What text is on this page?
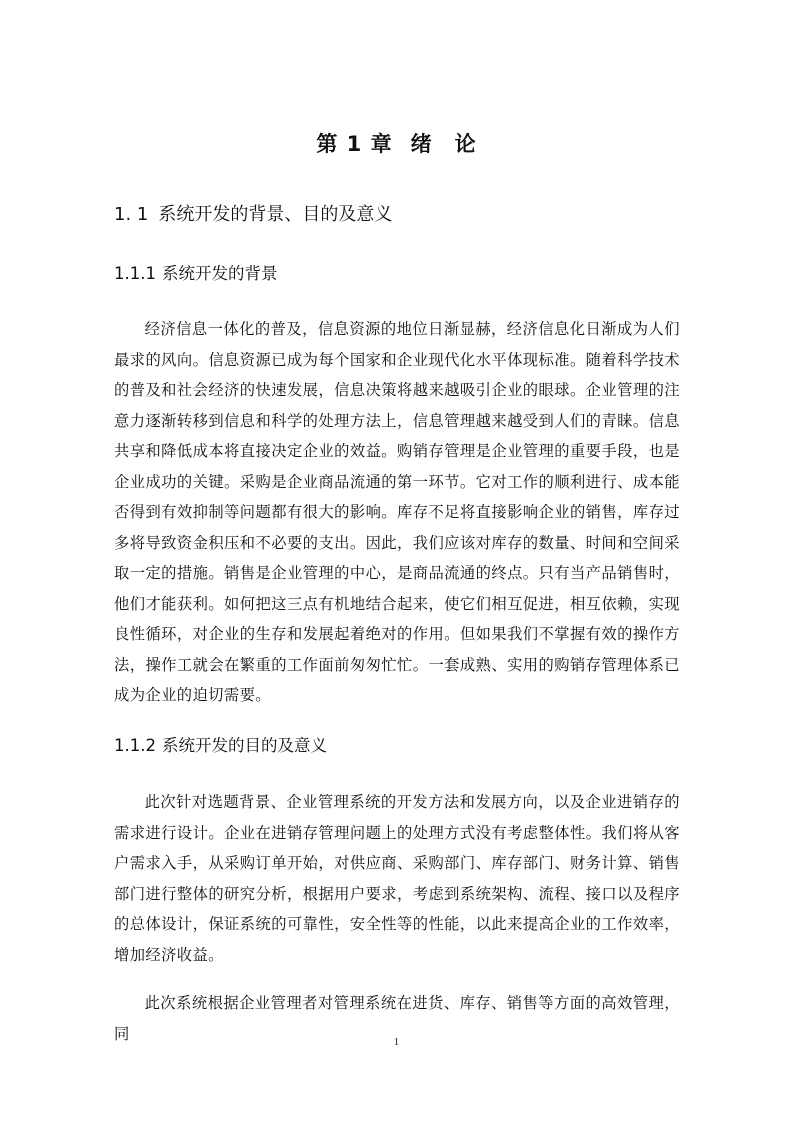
第 1 章 绪　论
1. 1 系统开发的背景、目的及意义
1.1.1 系统开发的背景

经济信息一体化的普及，信息资源的地位日渐显赫，经济信息化日渐成为人们最求的风向。信息资源已成为每个国家和企业现代化水平体现标准。随着科学技术的普及和社会经济的快速发展，信息决策将越来越吸引企业的眼球。企业管理的注意力逐渐转移到信息和科学的处理方法上，信息管理越来越受到人们的青睐。信息共享和降低成本将直接决定企业的效益。购销存管理是企业管理的重要手段，也是企业成功的关键。采购是企业商品流通的第一环节。它对工作的顺利进行、成本能否得到有效抑制等问题都有很大的影响。库存不足将直接影响企业的销售，库存过多将导致资金积压和不必要的支出。因此，我们应该对库存的数量、时间和空间采取一定的措施。销售是企业管理的中心，是商品流通的终点。只有当产品销售时，他们才能获利。如何把这三点有机地结合起来，使它们相互促进，相互依赖，实现良性循环，对企业的生存和发展起着绝对的作用。但如果我们不掌握有效的操作方法，操作工就会在繁重的工作面前匆匆忙忙。一套成熟、实用的购销存管理体系已成为企业的迫切需要。

1.1.2 系统开发的目的及意义

此次针对选题背景、企业管理系统的开发方法和发展方向，以及企业进销存的需求进行设计。企业在进销存管理问题上的处理方式没有考虑整体性。我们将从客户需求入手，从采购订单开始，对供应商、采购部门、库存部门、财务计算、销售部门进行整体的研究分析，根据用户要求，考虑到系统架构、流程、接口以及程序的总体设计，保证系统的可靠性，安全性等的性能，以此来提高企业的工作效率，增加经济收益。

此次系统根据企业管理者对管理系统在进货、库存、销售等方面的高效管理，同	1
